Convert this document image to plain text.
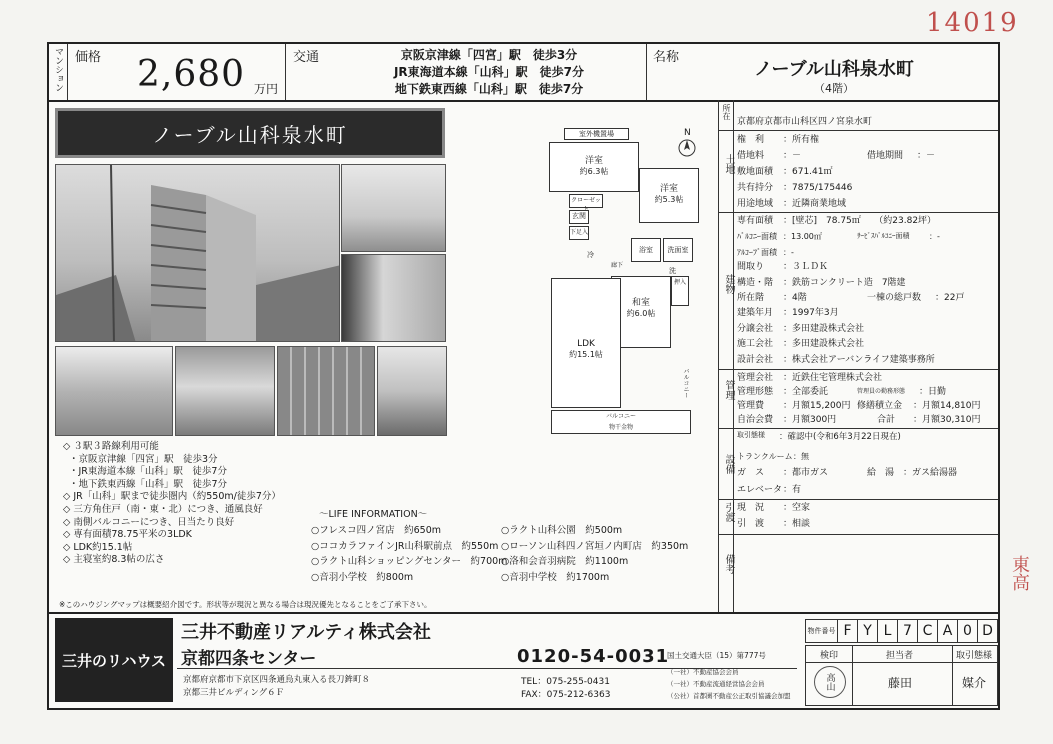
14019
東高
マンション 価格 2,680 万円
交通	京阪京津線「四宮」駅　徒歩3分
JR東海道本線「山科」駅　徒歩7分
地下鉄東西線「山科」駅　徒歩7分
名称
ノーブル山科泉水町
（4階）
ノーブル山科泉水町	室外機置場
洋室
約6.3帖
洋室
約5.3帖
クローゼッ
玄関
下足入
浴室	洗面室
洗
冷
廊下
和室
約6.0帖
押入
LDK
約15.1帖
バルコニー
バルコニー
物干金物
N
◇ ３駅３路線利用可能
・京阪京津線「四宮」駅　徒歩3分
・JR東海道本線「山科」駅　徒歩7分
・地下鉄東西線「山科」駅　徒歩7分
◇ JR「山科」駅まで徒歩圏内（約550m/徒歩7分）
◇ 三方角住戸（南・東・北）につき、通風良好
◇ 南側バルコニーにつき、日当たり良好
◇ 専有面積78.75平米の3LDK
◇ LDK約15.1帖
◇ 主寝室約8.3帖の広さ
～LIFE INFORMATION～
○フレスコ四ノ宮店　約650m
○ココカラファインJR山科駅前点　約550m
○ラクト山科ショッピングセンター　約700m
○音羽小学校　約800m
○ラクト山科公園　約500m
○ローソン山科四ノ宮垣ノ内町店　約350m
○洛和会音羽病院　約1100m
○音羽中学校　約1700m
※このハウジングマップは概要紹介図です。形状等が現況と異なる場合は現況優先となることをご了承下さい。
所在
京都府京都市山科区四ノ宮泉水町
土地
権　利 ：所有権
借地料 ：－	借地期間 ：－
敷地面積 ：671.41㎡
共有持分 ：7875/175446
用途地域 ：近隣商業地域
建物
専有面積 ：[壁芯]　78.75㎡　　（約23.82坪）
ﾊﾞﾙｺﾆｰ面積 ：13.00㎡	ｻｰﾋﾞｽﾊﾞﾙｺﾆｰ面積 ：-
ｱﾙｺｰﾌﾞ面積 ：-
間取り ：３ＬＤＫ
構造・階 ：鉄筋コンクリート造　7階建
所在階 ：4階	一棟の総戸数 ：22戸
建築年月 ：1997年3月
分譲会社 ：多田建設株式会社
施工会社 ：多田建設株式会社
設計会社 ：株式会社アーバンライフ建築事務所
管理
管理会社 ：近鉄住宅管理株式会社
管理形態 ：全部委託	管理員の勤務形態 ：日勤
管理費 ：月額15,200円 修繕積立金 ：月額14,810円
自治会費 ：月額300円	合計 ：月額30,310円
取引態様 ：確認中(令和6年3月22日現在)
設備 トランクルーム：無
ガ　ス ：都市ガス	給　湯 ：ガス給湯器
エレベータ：有
引渡 現　況 ：空家
引　渡 ：相談
備考
三井のリハウス
三井不動産リアルティ株式会社
京都四条センター
京都府京都市下京区四条通烏丸東入る長刀鉾町８
京都三井ビルディング６Ｆ
0120-54-0031
TEL：075-255-0431
FAX：075-212-6363
国土交通大臣（15）第777号
（一社）不動産協会会員
（一社）不動産流通経営協会会員
（公社）首都圏不動産公正取引協議会加盟
物件番号 F Y L 7 C A 0 D
検印	担当者	取引態様
高山	藤田	媒介
